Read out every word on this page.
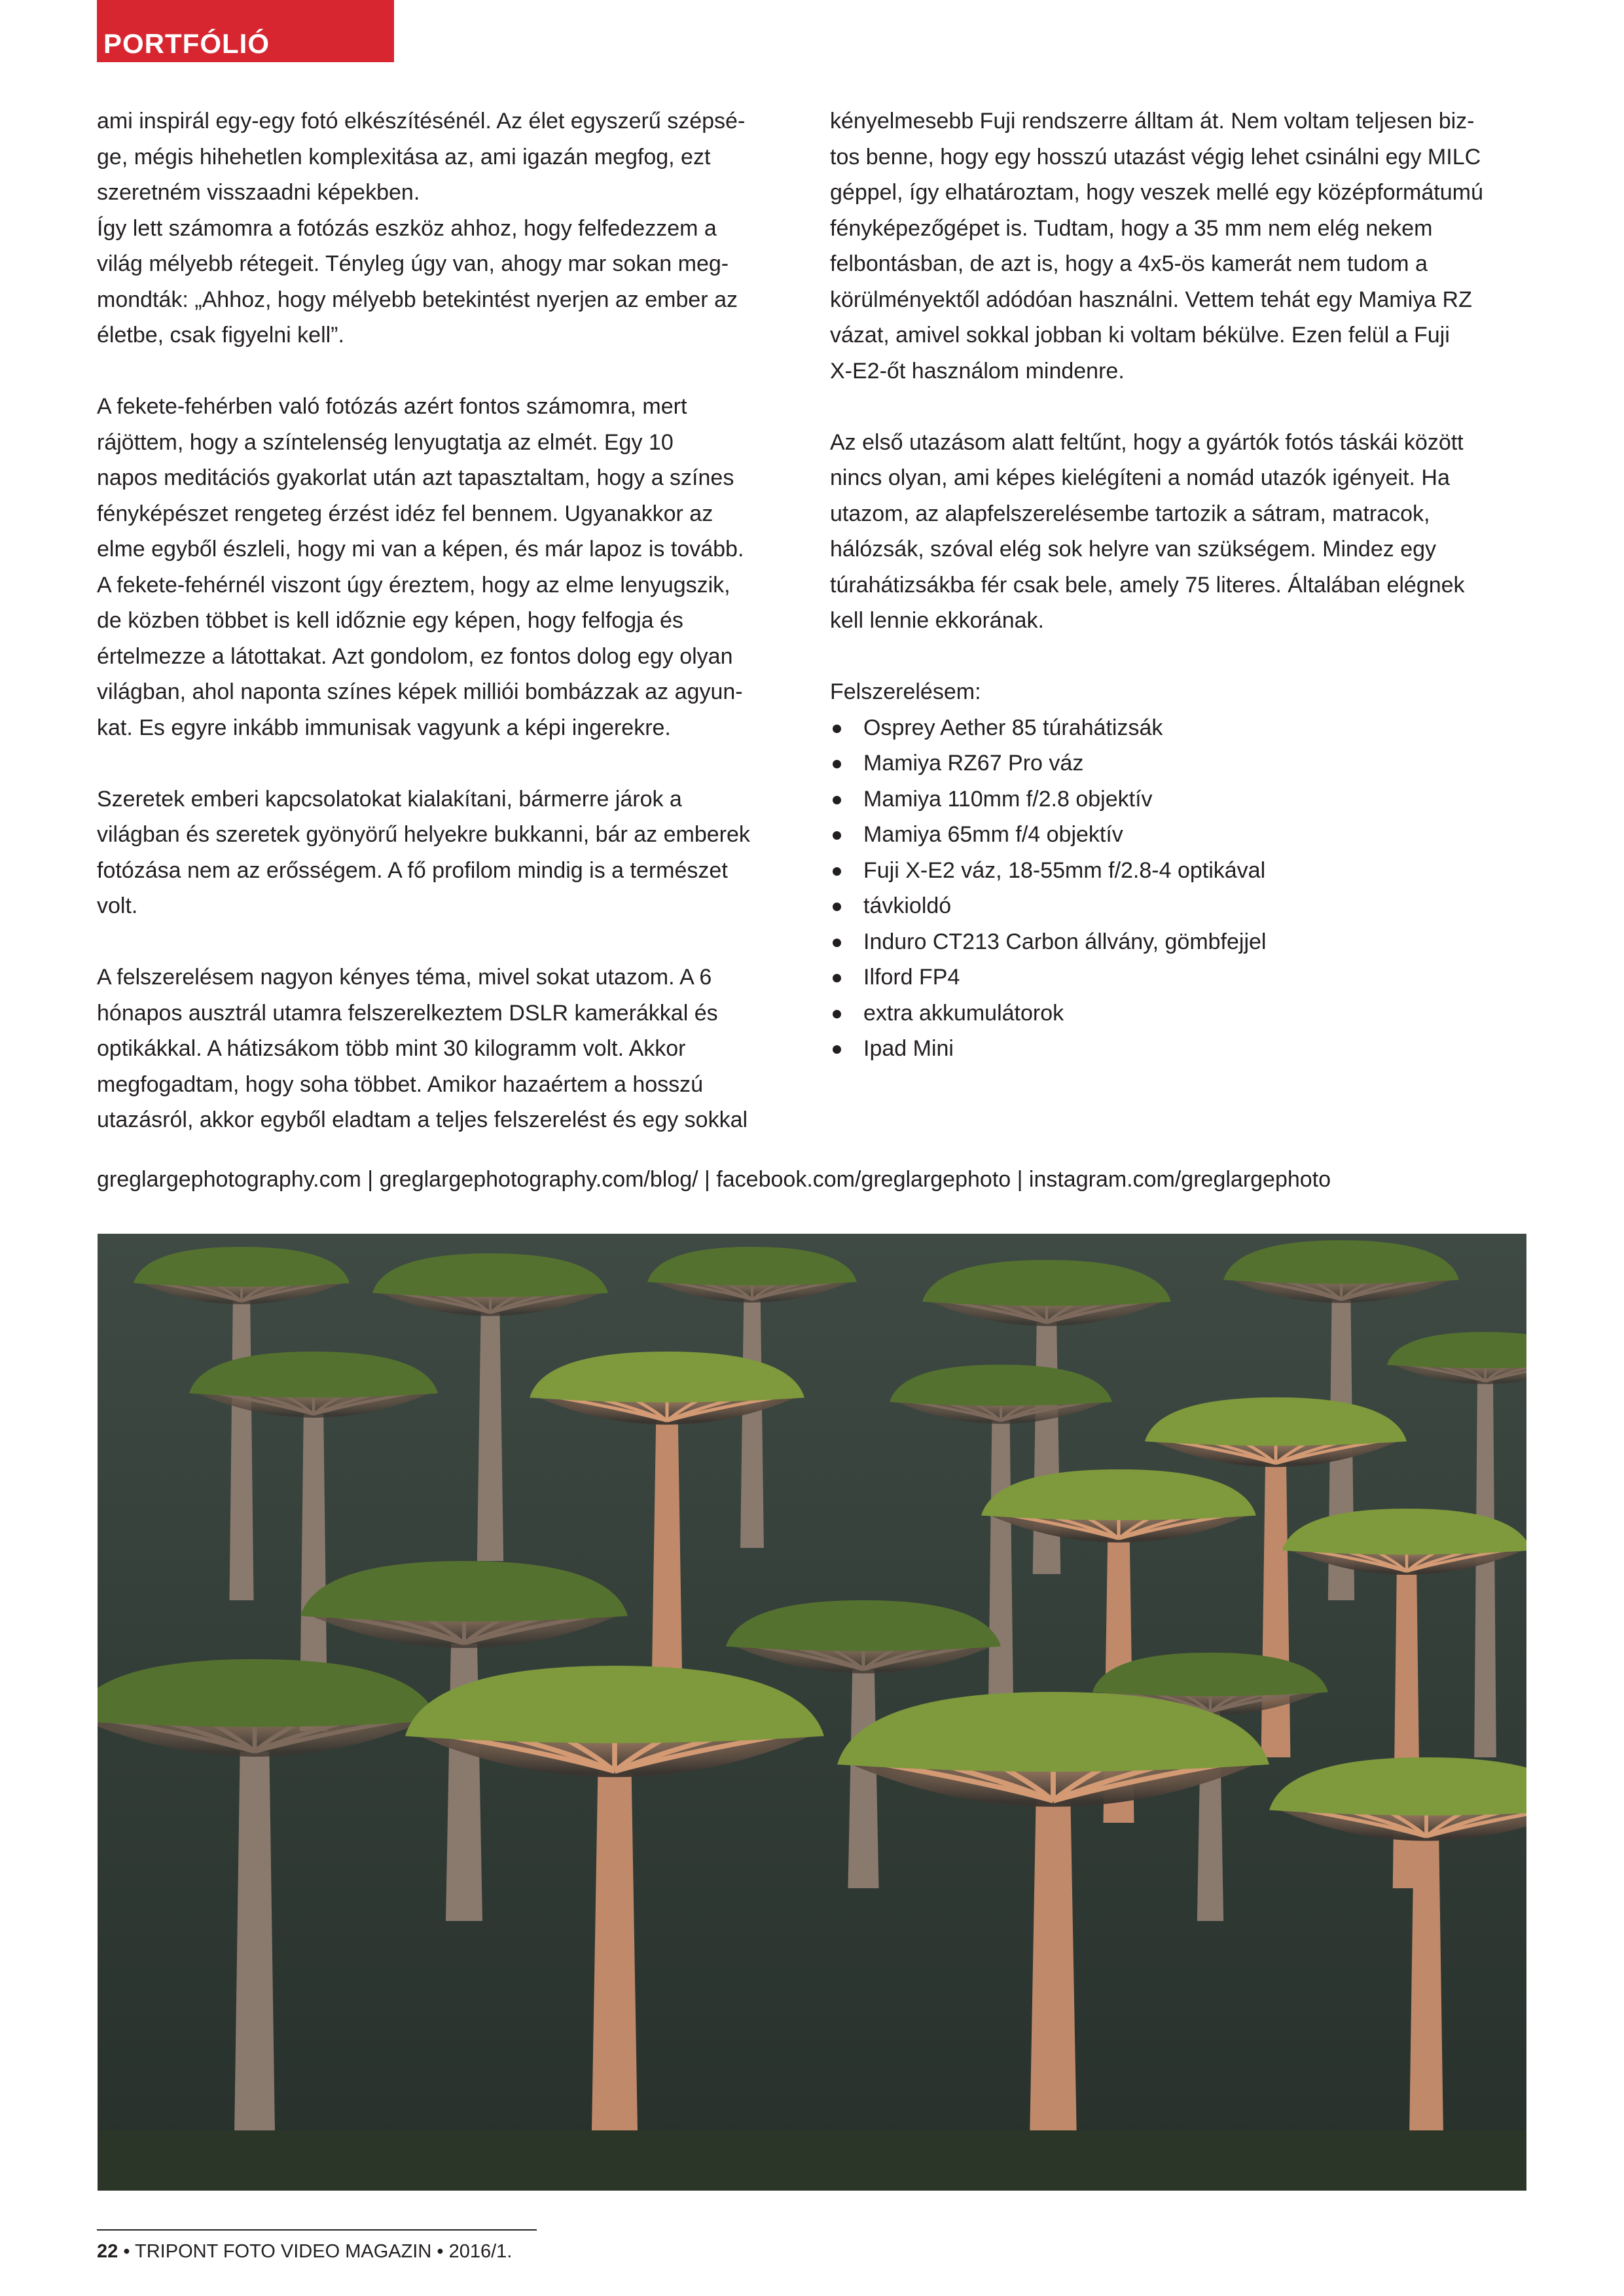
PORTFÓLIÓ

ami inspirál egy-egy fotó elkészítésénél. Az élet egyszerű szépsé-

ge, mégis hihehetlen komplexitása az, ami igazán megfog, ezt

szeretném visszaadni képekben.

Így lett számomra a fotózás eszköz ahhoz, hogy felfedezzem a

világ mélyebb rétegeit. Tényleg úgy van, ahogy mar sokan meg-

mondták: „Ahhoz, hogy mélyebb betekintést nyerjen az ember az

életbe, csak figyelni kell”.

A fekete-fehérben való fotózás azért fontos számomra, mert

rájöttem, hogy a színtelenség lenyugtatja az elmét. Egy 10

napos meditációs gyakorlat után azt tapasztaltam, hogy a színes

fényképészet rengeteg érzést idéz fel bennem. Ugyanakkor az

elme egyből észleli, hogy mi van a képen, és már lapoz is tovább.

A fekete-fehérnél viszont úgy éreztem, hogy az elme lenyugszik,

de közben többet is kell időznie egy képen, hogy felfogja és

értelmezze a látottakat. Azt gondolom, ez fontos dolog egy olyan

világban, ahol naponta színes képek milliói bombázzak az agyun-

kat. Es egyre inkább immunisak vagyunk a képi ingerekre.

Szeretek emberi kapcsolatokat kialakítani, bármerre járok a

világban és szeretek gyönyörű helyekre bukkanni, bár az emberek

fotózása nem az erősségem. A fő profilom mindig is a természet

volt.

A felszerelésem nagyon kényes téma, mivel sokat utazom. A 6

hónapos ausztrál utamra felszerelkeztem DSLR kamerákkal és

optikákkal. A hátizsákom több mint 30 kilogramm volt. Akkor

megfogadtam, hogy soha többet. Amikor hazaértem a hosszú

utazásról, akkor egyből eladtam a teljes felszerelést és egy sokkal

kényelmesebb Fuji rendszerre álltam át. Nem voltam teljesen biz-

tos benne, hogy egy hosszú utazást végig lehet csinálni egy MILC

géppel, így elhatároztam, hogy veszek mellé egy középformátumú

fényképezőgépet is. Tudtam, hogy a 35 mm nem elég nekem

felbontásban, de azt is, hogy a 4x5-ös kamerát nem tudom a

körülményektől adódóan használni. Vettem tehát egy Mamiya RZ

vázat, amivel sokkal jobban ki voltam békülve. Ezen felül a Fuji

X-E2-őt használom mindenre.

Az első utazásom alatt feltűnt, hogy a gyártók fotós táskái között

nincs olyan, ami képes kielégíteni a nomád utazók igényeit. Ha

utazom, az alapfelszerelésembe tartozik a sátram, matracok,

hálózsák, szóval elég sok helyre van szükségem. Mindez egy

túrahátizsákba fér csak bele, amely 75 literes. Általában elégnek

kell lennie ekkorának.

Felszerelésem:

Osprey Aether 85 túrahátizsák
Mamiya RZ67 Pro váz
Mamiya 110mm f/2.8 objektív
Mamiya 65mm f/4 objektív
Fuji X-E2 váz, 18-55mm f/2.8-4 optikával
távkioldó
Induro CT213 Carbon állvány, gömbfejjel
Ilford FP4
extra akkumulátorok
Ipad Mini
greglargephotography.com | greglargephotography.com/blog/ | facebook.com/greglargephoto | instagram.com/greglargephoto
22 • TRIPONT FOTO VIDEO MAGAZIN • 2016/1.
